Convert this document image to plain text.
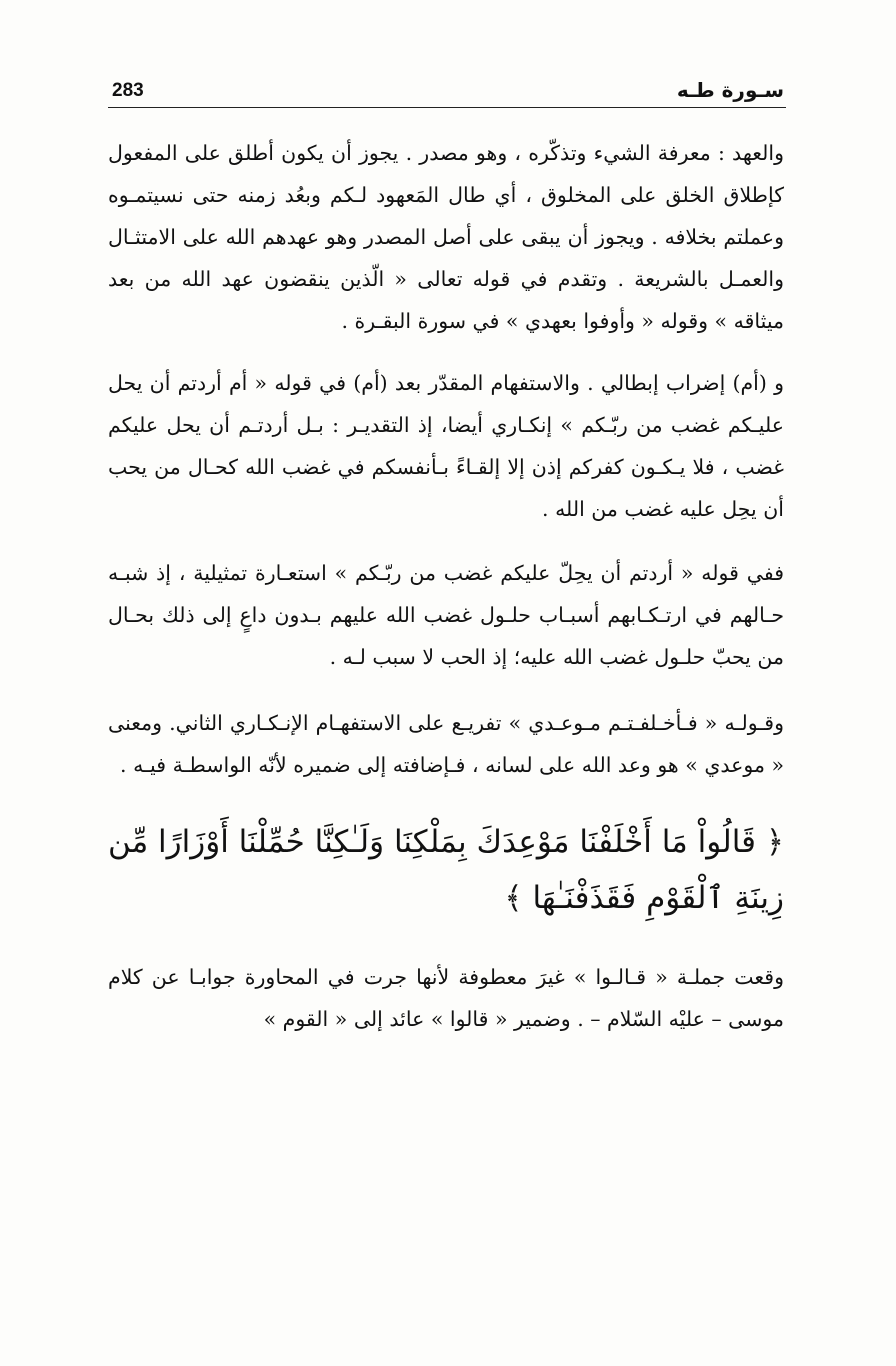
283	سـورة طـه

والعهد : معرفة الشيء وتذكّره ، وهو مصدر . يجوز أن يكون أطلق على المفعول كإطلاق الخلق على المخلوق ، أي طال المَعهود لـكم وبعُد زمنه حتى نسيتمـوه وعملتم بخلافه . ويجوز أن يبقى على أصل المصدر وهو عهدهم الله على الامتثـال والعمـل بالشريعة . وتقدم في قوله تعالى « الّذين ينقضون عهد الله من بعد ميثاقه » وقوله « وأوفوا بعهدي » في سورة البقـرة .

و (أم) إضراب إبطالي . والاستفهام المقدّر بعد (أم) في قوله « أم أردتم أن يحل عليـكم غضب من ربّـكم » إنكـاري أيضا، إذ التقديـر : بـل أردتـم أن يحل عليكم غضب ، فلا يـكـون كفركم إذن إلا إلقـاءً بـأنفسكم في غضب الله كحـال من يحب أن يحِل عليه غضب من الله .

ففي قوله « أردتم أن يحِلّ عليكم غضب من ربّـكم » استعـارة تمثيلية ، إذ شبـه حـالهم في ارتـكـابهم أسبـاب حلـول غضب الله عليهم بـدون داعٍ إلى ذلك بحـال من يحبّ حلـول غضب الله عليه؛ إذ الحب لا سبب لـه .

وقـولـه « فـأخـلفـتـم مـوعـدي » تفريـع على الاستفهـام الإنـكـاري الثاني. ومعنى « موعدي » هو وعد الله على لسانه ، فـإضافته إلى ضميره لأنّه الواسطـة فيـه .

﴿ قَالُواْ مَا أَخْلَفْنَا مَوْعِدَكَ بِمَلْكِنَا وَلَـٰكِنَّا حُمِّلْنَا أَوْزَارًا مِّن زِينَةِ ٱلْقَوْمِ فَقَذَفْنَـٰهَا ﴾

وقعت جملـة « قـالـوا » غيرَ معطوفة لأنها جرت في المحاورة جوابـا عن كلام موسى – عليْه السّلام – . وضمير « قالوا » عائد إلى « القوم »
